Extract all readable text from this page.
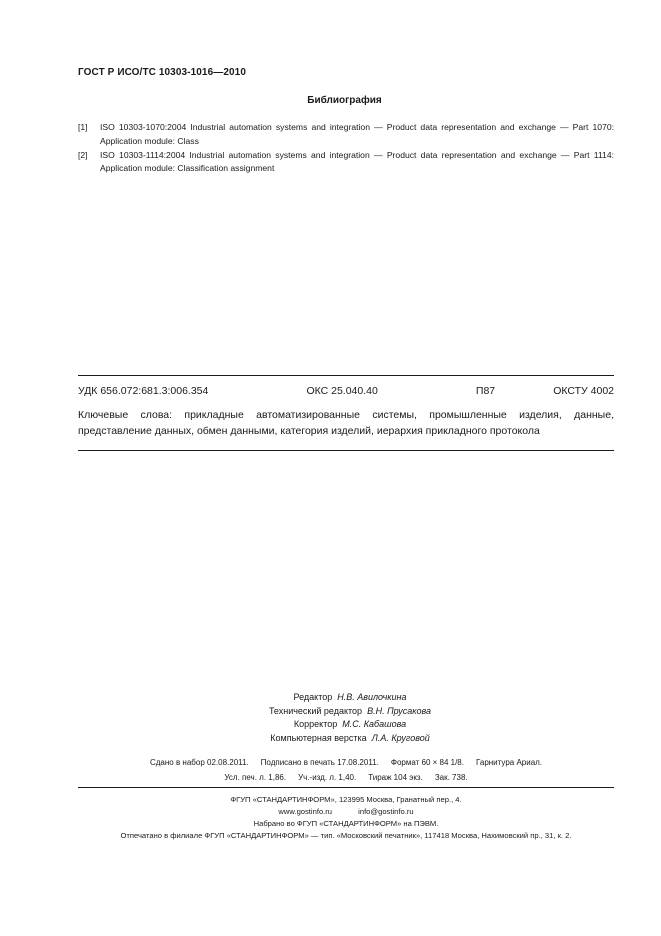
ГОСТ Р ИСО/ТС 10303-1016—2010
Библиография
[1]	ISO 10303-1070:2004 Industrial automation systems and integration — Product data representation and exchange — Part 1070: Application module: Class
[2]	ISO 10303-1114:2004 Industrial automation systems and integration — Product data representation and exchange — Part 1114: Application module: Classification assignment
УДК 656.072:681.3:006.354	ОКС 25.040.40	П87	ОКСТУ 4002
Ключевые слова: прикладные автоматизированные системы, промышленные изделия, данные, представление данных, обмен данными, категория изделий, иерархия прикладного протокола
Редактор Н.В. Авилочкина
Технический редактор В.Н. Прусакова
Корректор М.С. Кабашова
Компьютерная верстка Л.А. Круговой
Сдано в набор 02.08.2011. Подписано в печать 17.08.2011. Формат 60 × 84 1/8. Гарнитура Ариал.
Усл. печ. л. 1,86. Уч.-изд. л. 1,40. Тираж 104 экз. Зак. 738.
ФГУП «СТАНДАРТИНФОРМ», 123995 Москва, Гранатный пер., 4.
www.gostinfo.ru	info@gostinfo.ru
Набрано во ФГУП «СТАНДАРТИНФОРМ» на ПЭВМ.
Отпечатано в филиале ФГУП «СТАНДАРТИНФОРМ» — тип. «Московский печатник», 117418 Москва, Нахимовский пр., 31, к. 2.
